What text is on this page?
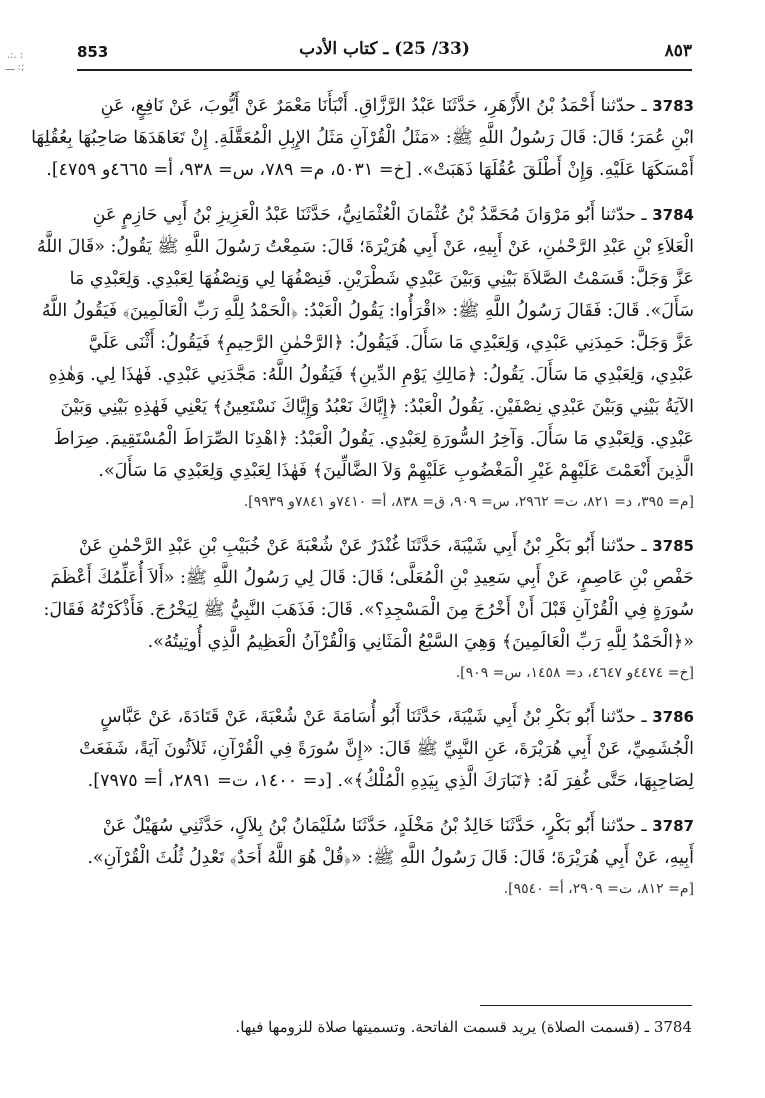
: .:. ;: ـــ
853	(33/ 25) ـ كتاب الأدب	٨٥٣
3783 ـ حدّثنا أَحْمَدُ بْنُ الأَزْهَرِ، حَدَّثَنَا عَبْدُ الرَّزَّاقِ. أَنْبَأَنَا مَعْمَرٌ عَنْ أَيُّوبَ، عَنْ نَافِعٍ، عَنِ
ابْنِ عُمَرَ؛ قَالَ: قَالَ رَسُولُ اللَّهِ ﷺ: «مَثَلُ الْقُرْآنِ مَثَلُ الإِبِلِ الْمُعَقَّلَةِ. إِنْ تَعَاهَدَهَا صَاحِبُهَا بِعُقُلِهَا
أَمْسَكَهَا عَلَيْهِ. وَإِنْ أَطْلَقَ عُقُلَهَا ذَهَبَتْ». [خ= ٥٠٣١، م= ٧٨٩، س= ٩٣٨، أ= ٤٦٦٥و ٤٧٥٩].
3784 ـ حدّثنا أَبُو مَرْوَانَ مُحَمَّدُ بْنُ عُثْمَانَ الْعُثْمَانِيُّ، حَدَّثَنَا عَبْدُ الْعَزِيزِ بْنُ أَبِي حَازِمٍ عَنِ
الْعَلاَءِ بْنِ عَبْدِ الرَّحْمٰنِ، عَنْ أَبِيهِ، عَنْ أَبِي هُرَيْرَةَ؛ قَالَ: سَمِعْتُ رَسُولَ اللَّهِ ﷺ يَقُولُ: «قَالَ اللَّهُ
عَزَّ وَجَلَّ: قَسَمْتُ الصَّلاَةَ بَيْنِي وَبَيْنَ عَبْدِي شَطْرَيْنِ. فَنِصْفُهَا لِي وَنِصْفُهَا لِعَبْدِي. وَلِعَبْدِي مَا
سَأَلَ». قَالَ: فَقَالَ رَسُولُ اللَّهِ ﷺ: «اقْرَأُوا: يَقُولُ الْعَبْدُ: ﴿الْحَمْدُ لِلَّهِ رَبِّ الْعَالَمِينَ﴾ فَيَقُولُ اللَّهُ
عَزَّ وَجَلَّ: حَمِدَنِي عَبْدِي، وَلِعَبْدِي مَا سَأَلَ. فَيَقُولُ: ﴿الرَّحْمٰنِ الرَّحِيمِ﴾ فَيَقُولُ: أَثْنَى عَلَيَّ
عَبْدِي، وَلِعَبْدِي مَا سَأَلَ. يَقُولُ: ﴿مَالِكِ يَوْمِ الدِّينِ﴾ فَيَقُولُ اللَّهُ: مَجَّدَنِي عَبْدِي. فَهٰذَا لِي. وَهٰذِهِ
الآيَةُ بَيْنِي وَبَيْنَ عَبْدِي نِصْفَيْنِ. يَقُولُ الْعَبْدُ: ﴿إِيَّاكَ نَعْبُدُ وَإِيَّاكَ نَسْتَعِينُ﴾ يَعْنِي فَهٰذِهِ بَيْنِي وَبَيْنَ
عَبْدِي. وَلِعَبْدِي مَا سَأَلَ. وَآخِرُ السُّورَةِ لِعَبْدِي. يَقُولُ الْعَبْدُ: ﴿اهْدِنَا الصِّرَاطَ الْمُسْتَقِيمَ. صِرَاطَ
الَّذِينَ أَنْعَمْتَ عَلَيْهِمْ غَيْرِ الْمَغْضُوبِ عَلَيْهِمْ وَلاَ الضَّالِّينَ﴾ فَهٰذَا لِعَبْدِي وَلِعَبْدِي مَا سَأَلَ».
[م= ٣٩٥، د= ٨٢١، ت= ٢٩٦٢، س= ٩٠٩، ق= ٨٣٨، أ= ٧٤١٠و ٧٨٤١و ٩٩٣٩].
3785 ـ حدّثنا أَبُو بَكْرِ بْنُ أَبِي شَيْبَةَ، حَدَّثَنَا غُنْدَرٌ عَنْ شُعْبَةَ عَنْ خُبَيْبِ بْنِ عَبْدِ الرَّحْمٰنِ عَنْ
حَفْصِ بْنِ عَاصِمٍ، عَنْ أَبِي سَعِيدِ بْنِ الْمُعَلَّى؛ قَالَ: قَالَ لِي رَسُولُ اللَّهِ ﷺ: «أَلاَ أُعَلِّمُكَ أَعْظَمَ
سُورَةٍ فِي الْقُرْآنِ قَبْلَ أَنْ أَخْرُجَ مِنَ الْمَسْجِدِ؟». قَالَ: فَذَهَبَ النَّبِيُّ ﷺ لِيَخْرُجَ. فَأَذْكَرْتُهُ فَقَالَ:
«﴿الْحَمْدُ لِلَّهِ رَبِّ الْعَالَمِينَ﴾ وَهِيَ السَّبْعُ الْمَثَانِي وَالْقُرْآنُ الْعَظِيمُ الَّذِي أُوتِيتُهُ».
[خ= ٤٤٧٤و ٤٦٤٧، د= ١٤٥٨، س= ٩٠٩].
3786 ـ حدّثنا أَبُو بَكْرِ بْنُ أَبِي شَيْبَةَ، حَدَّثَنَا أَبُو أُسَامَةَ عَنْ شُعْبَةَ، عَنْ قَتَادَةَ، عَنْ عَبَّاسٍ
الْجُشَمِيِّ، عَنْ أَبِي هُرَيْرَةَ، عَنِ النَّبِيِّ ﷺ قَالَ: «إِنَّ سُورَةً فِي الْقُرْآنِ، ثَلاَثُونَ آيَةً، شَفَعَتْ
لِصَاحِبِهَا، حَتَّى غُفِرَ لَهُ: ﴿تَبَارَكَ الَّذِي بِيَدِهِ الْمُلْكُ﴾». [د= ١٤٠٠، ت= ٢٨٩١، أ= ٧٩٧٥].
3787 ـ حدّثنا أَبُو بَكْرٍ، حَدَّثَنَا خَالِدُ بْنُ مَخْلَدٍ، حَدَّثَنَا سُلَيْمَانُ بْنُ بِلاَلٍ، حَدَّثَنِي سُهَيْلٌ عَنْ
أَبِيهِ، عَنْ أَبِي هُرَيْرَةَ؛ قَالَ: قَالَ رَسُولُ اللَّهِ ﷺ: «﴿قُلْ هُوَ اللَّهُ أَحَدٌ﴾ تَعْدِلُ ثُلُثَ الْقُرْآنِ».
[م= ٨١٢، ت= ٢٩٠٩، أ= ٩٥٤٠].
3784 ـ (قسمت الصلاة) يريد قسمت الفاتحة. وتسميتها صلاة للزومها فيها.
